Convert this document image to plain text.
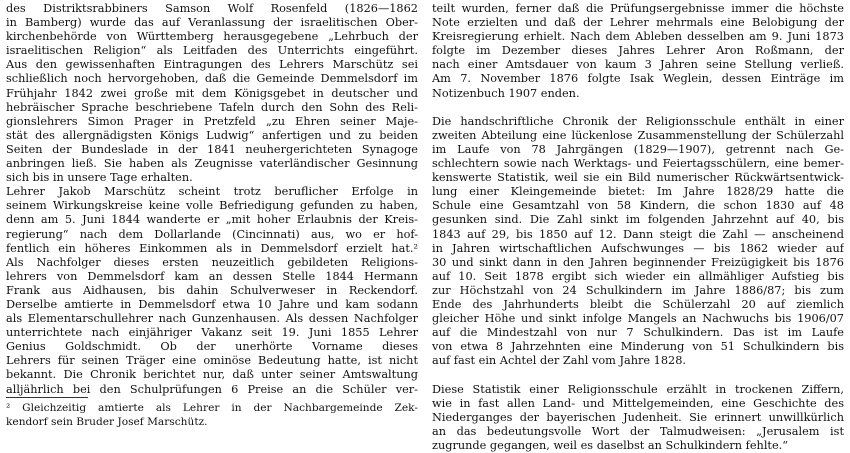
des Distriktsrabbiners Samson Wolf Rosenfeld (1826—1862
in Bamberg) wurde das auf Veranlassung der israelitischen Ober-
kirchenbehörde von Württemberg herausgegebene „Lehrbuch der
israelitischen Religion“ als Leitfaden des Unterrichts eingeführt.
Aus den gewissenhaften Eintragungen des Lehrers Marschütz sei
schließlich noch hervorgehoben, daß die Gemeinde Demmelsdorf im
Frühjahr 1842 zwei große mit dem Königsgebet in deutscher und
hebräischer Sprache beschriebene Tafeln durch den Sohn des Reli-
gionslehrers Simon Prager in Pretzfeld „zu Ehren seiner Maje-
stät des allergnädigsten Königs Ludwig“ anfertigen und zu beiden
Seiten der Bundeslade in der 1841 neuhergerichteten Synagoge
anbringen ließ. Sie haben als Zeugnisse vaterländischer Gesinnung
sich bis in unsere Tage erhalten.
Lehrer Jakob Marschütz scheint trotz beruflicher Erfolge in
seinem Wirkungskreise keine volle Befriedigung gefunden zu haben,
denn am 5. Juni 1844 wanderte er „mit hoher Erlaubnis der Kreis-
regierung“ nach dem Dollarlande (Cincinnati) aus, wo er hof-
fentlich ein höheres Einkommen als in Demmelsdorf erzielt hat.²
Als Nachfolger dieses ersten neuzeitlich gebildeten Religions-
lehrers von Demmelsdorf kam an dessen Stelle 1844 Hermann
Frank aus Aidhausen, bis dahin Schulverweser in Reckendorf.
Derselbe amtierte in Demmelsdorf etwa 10 Jahre und kam sodann
als Elementarschullehrer nach Gunzenhausen. Als dessen Nachfolger
unterrichtete nach einjähriger Vakanz seit 19. Juni 1855 Lehrer
Genius Goldschmidt. Ob der unerhörte Vorname dieses
Lehrers für seinen Träger eine ominöse Bedeutung hatte, ist nicht
bekannt. Die Chronik berichtet nur, daß unter seiner Amtswaltung
alljährlich bei den Schulprüfungen 6 Preise an die Schüler ver-
² Gleichzeitig amtierte als Lehrer in der Nachbargemeinde Zek-
kendorf sein Bruder Josef Marschütz.
teilt wurden, ferner daß die Prüfungsergebnisse immer die höchste
Note erzielten und daß der Lehrer mehrmals eine Belobigung der
Kreisregierung erhielt. Nach dem Ableben desselben am 9. Juni 1873
folgte im Dezember dieses Jahres Lehrer Aron Roßmann, der
nach einer Amtsdauer von kaum 3 Jahren seine Stellung verließ.
Am 7. November 1876 folgte Isak Weglein, dessen Einträge im
Notizenbuch 1907 enden.
Die handschriftliche Chronik der Religionsschule enthält in einer
zweiten Abteilung eine lückenlose Zusammenstellung der Schülerzahl
im Laufe von 78 Jahrgängen (1829—1907), getrennt nach Ge-
schlechtern sowie nach Werktags- und Feiertagsschülern, eine bemer-
kenswerte Statistik, weil sie ein Bild numerischer Rückwärtsentwick-
lung einer Kleingemeinde bietet: Im Jahre 1828/29 hatte die
Schule eine Gesamtzahl von 58 Kindern, die schon 1830 auf 48
gesunken sind. Die Zahl sinkt im folgenden Jahrzehnt auf 40, bis
1843 auf 29, bis 1850 auf 12. Dann steigt die Zahl — anscheinend
in Jahren wirtschaftlichen Aufschwunges — bis 1862 wieder auf
30 und sinkt dann in den Jahren beginnender Freizügigkeit bis 1876
auf 10. Seit 1878 ergibt sich wieder ein allmähliger Aufstieg bis
zur Höchstzahl von 24 Schulkindern im Jahre 1886/87; bis zum
Ende des Jahrhunderts bleibt die Schülerzahl 20 auf ziemlich
gleicher Höhe und sinkt infolge Mangels an Nachwuchs bis 1906/07
auf die Mindestzahl von nur 7 Schulkindern. Das ist im Laufe
von etwa 8 Jahrzehnten eine Minderung von 51 Schulkindern bis
auf fast ein Achtel der Zahl vom Jahre 1828.
Diese Statistik einer Religionsschule erzählt in trockenen Ziffern,
wie in fast allen Land- und Mittelgemeinden, eine Geschichte des
Niederganges der bayerischen Judenheit. Sie erinnert unwillkürlich
an das bedeutungsvolle Wort der Talmudweisen: „Jerusalem ist
zugrunde gegangen, weil es daselbst an Schulkindern fehlte.“
